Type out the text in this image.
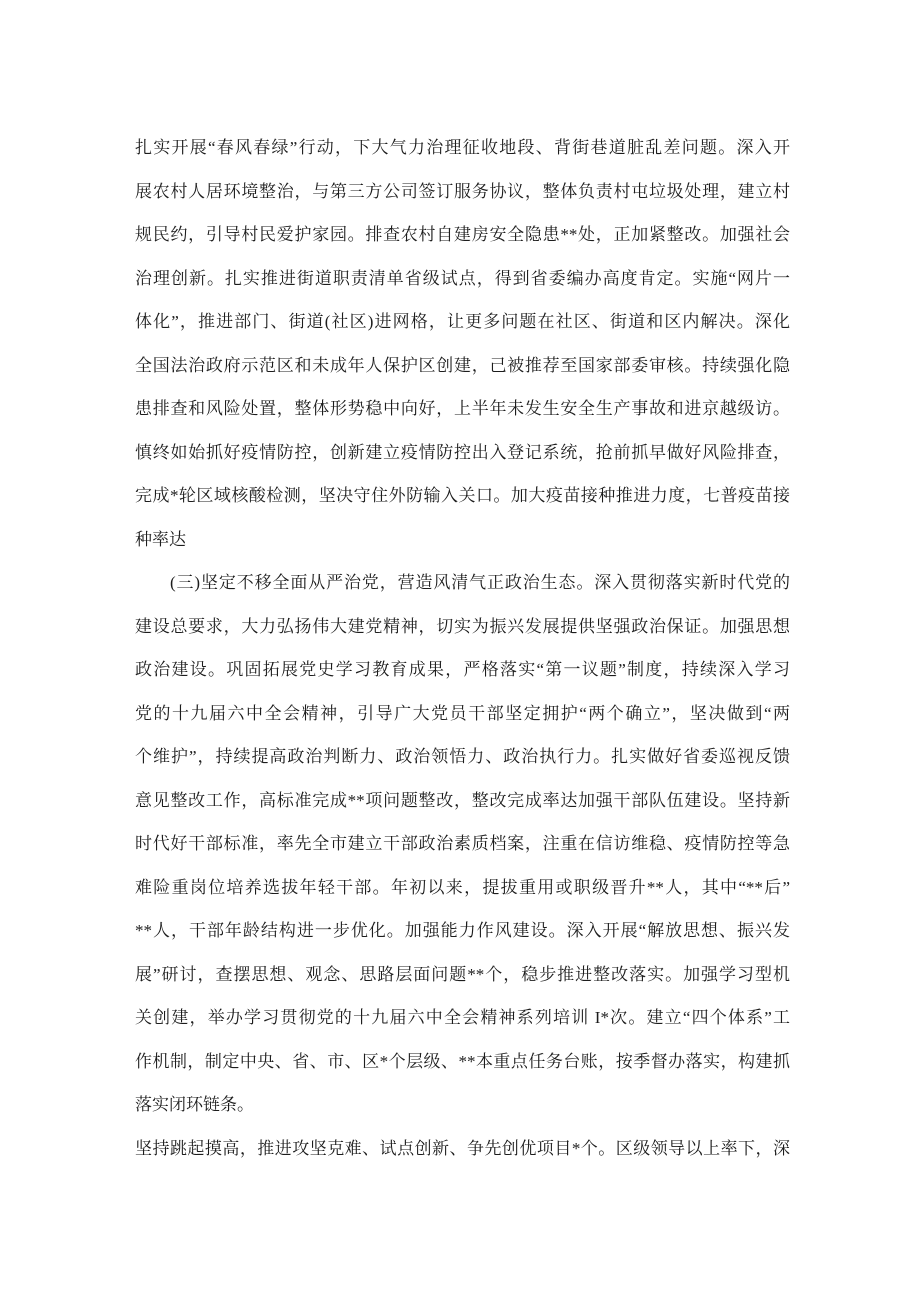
扎实开展“春风春绿”行动，下大气力治理征收地段、背街巷道脏乱差问题。深入开
展农村人居环境整治，与第三方公司签订服务协议，整体负责村屯垃圾处理，建立村
规民约，引导村民爱护家园。排查农村自建房安全隐患**处，正加紧整改。加强社会
治理创新。扎实推进街道职责清单省级试点，得到省委编办高度肯定。实施“网片一
体化”，推进部门、街道(社区)进网格，让更多问题在社区、街道和区内解决。深化
全国法治政府示范区和未成年人保护区创建，己被推荐至国家部委审核。持续强化隐
患排查和风险处置，整体形势稳中向好，上半年未发生安全生产事故和进京越级访。
慎终如始抓好疫情防控，创新建立疫情防控出入登记系统，抢前抓早做好风险排查，
完成*轮区域核酸检测，坚决守住外防输入关口。加大疫苗接种推进力度，七普疫苗接
种率达
(三)坚定不移全面从严治党，营造风清气正政治生态。深入贯彻落实新时代党的
建设总要求，大力弘扬伟大建党精神，切实为振兴发展提供坚强政治保证。加强思想
政治建设。巩固拓展党史学习教育成果，严格落实“第一议题”制度，持续深入学习
党的十九届六中全会精神，引导广大党员干部坚定拥护“两个确立”，坚决做到“两
个维护”，持续提高政治判断力、政治领悟力、政治执行力。扎实做好省委巡视反馈
意见整改工作，高标准完成**项问题整改，整改完成率达加强干部队伍建设。坚持新
时代好干部标准，率先全市建立干部政治素质档案，注重在信访维稳、疫情防控等急
难险重岗位培养选拔年轻干部。年初以来，提拔重用或职级晋升**人，其中“**后”
**人，干部年龄结构进一步优化。加强能力作风建设。深入开展“解放思想、振兴发
展”研讨，查摆思想、观念、思路层面问题**个，稳步推进整改落实。加强学习型机
关创建，举办学习贯彻党的十九届六中全会精神系列培训 I*次。建立“四个体系”工
作机制，制定中央、省、市、区*个层级、**本重点任务台账，按季督办落实，构建抓
落实闭环链条。
坚持跳起摸高，推进攻坚克难、试点创新、争先创优项目*个。区级领导以上率下，深
